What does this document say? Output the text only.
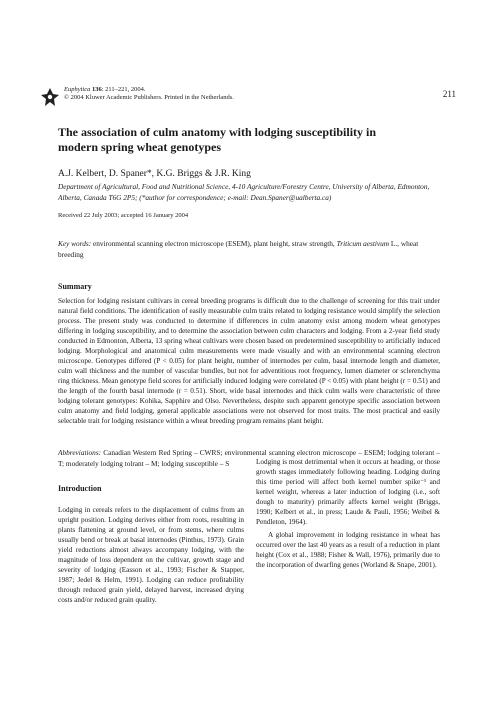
Euphytica 136: 211–221, 2004.
© 2004 Kluwer Academic Publishers. Printed in the Netherlands.	211
The association of culm anatomy with lodging susceptibility in modern spring wheat genotypes
A.J. Kelbert, D. Spaner*, K.G. Briggs & J.R. King
Department of Agricultural, Food and Nutritional Science, 4-10 Agriculture/Forestry Centre, University of Alberta, Edmonton, Alberta, Canada T6G 2P5; (*author for correspondence; e-mail: Dean.Spaner@ualberta.ca)
Received 22 July 2003; accepted 16 January 2004
Key words: environmental scanning electron microscope (ESEM), plant height, straw strength, Triticum aestivum L., wheat breeding
Summary
Selection for lodging resistant cultivars in cereal breeding programs is difficult due to the challenge of screening for this trait under natural field conditions. The identification of easily measurable culm traits related to lodging resistance would simplify the selection process. The present study was conducted to determine if differences in culm anatomy exist among modern wheat genotypes differing in lodging susceptibility, and to determine the association between culm characters and lodging. From a 2-year field study conducted in Edmonton, Alberta, 13 spring wheat cultivars were chosen based on predetermined susceptibility to artificially induced lodging. Morphological and anatomical culm measurements were made visually and with an environmental scanning electron microscope. Genotypes differed (P < 0.05) for plant height, number of internodes per culm, basal internode length and diameter, culm wall thickness and the number of vascular bundles, but not for adventitious root frequency, lumen diameter or sclerenchyma ring thickness. Mean genotype field scores for artificially induced lodging were correlated (P < 0.05) with plant height (r = 0.51) and the length of the fourth basal internode (r = 0.51). Short, wide basal internodes and thick culm walls were characteristic of three lodging tolerant genotypes: Kohika, Sapphire and Olso. Nevertheless, despite such apparent genotype specific association between culm anatomy and field lodging, general applicable associations were not observed for most traits. The most practical and easily selectable trait for lodging resistance within a wheat breeding program remains plant height.
Abbreviations: Canadian Western Red Spring – CWRS; environmental scanning electron microscope – ESEM; lodging tolerant – T; moderately lodging tolrant – M; lodging susceptible – S
Introduction
Lodging in cereals refers to the displacement of culms from an upright position. Lodging derives either from roots, resulting in plants flattening at ground level, or from stems, where culms usually bend or break at basal internodes (Pinthus, 1973). Grain yield reductions almost always accompany lodging, with the magnitude of loss dependent on the cultivar, growth stage and severity of lodging (Easson et al., 1993; Fischer & Stapper, 1987; Jedel & Helm, 1991). Lodging can reduce profitability through reduced grain yield, delayed harvest, increased drying costs and/or reduced grain quality.

Lodging is most detrimental when it occurs at heading, or those growth stages immediately following heading. Lodging during this time period will affect both kernel number spike⁻¹ and kernel weight, whereas a later induction of lodging (i.e., soft dough to maturity) primarily affects kernel weight (Briggs, 1990; Kelbert et al., in press; Laude & Pauli, 1956; Weibel & Pendleton, 1964).

A global improvement in lodging resistance in wheat has occurred over the last 40 years as a result of a reduction in plant height (Cox et al., 1988; Fisher & Wall, 1976), primarily due to the incorporation of dwarfing genes (Worland & Snape, 2001).
